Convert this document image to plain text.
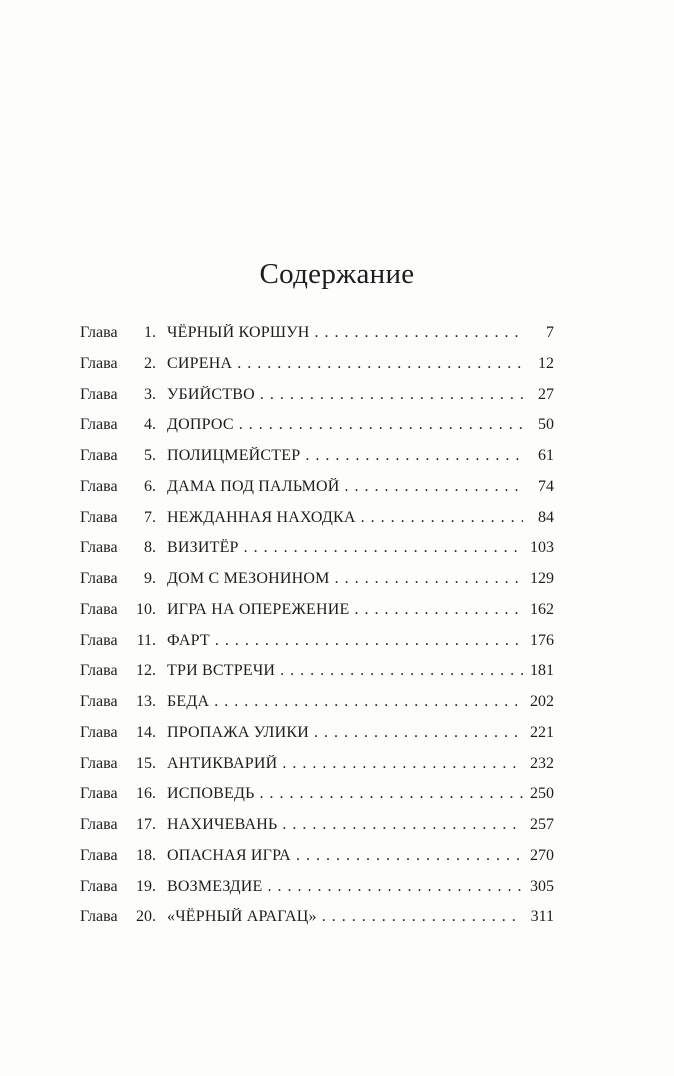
Содержание
Глава	1. ЧЁРНЫЙ КОРШУН . . .	7
Глава	2. СИРЕНА . . .	12
Глава	3. УБИЙСТВО . . .	27
Глава	4. ДОПРОС . . .	50
Глава	5. ПОЛИЦМЕЙСТЕР . . .	61
Глава	6. ДАМА ПОД ПАЛЬМОЙ . . .	74
Глава	7. НЕЖДАННАЯ НАХОДКА . . .	84
Глава	8. ВИЗИТЁР . . .	103
Глава	9. ДОМ С МЕЗОНИНОМ . . .	129
Глава	10. ИГРА НА ОПЕРЕЖЕНИЕ . . .	162
Глава	11. ФАРТ . . .	176
Глава	12. ТРИ ВСТРЕЧИ . . .	181
Глава	13. БЕДА . . .	202
Глава	14. ПРОПАЖА УЛИКИ . . .	221
Глава	15. АНТИКВАРИЙ . . .	232
Глава	16. ИСПОВЕДЬ . . .	250
Глава	17. НАХИЧЕВАНЬ . . .	257
Глава	18. ОПАСНАЯ ИГРА . . .	270
Глава	19. ВОЗМЕЗДИЕ . . .	305
Глава	20. «ЧЁРНЫЙ АРАГАЦ» . . .	311
